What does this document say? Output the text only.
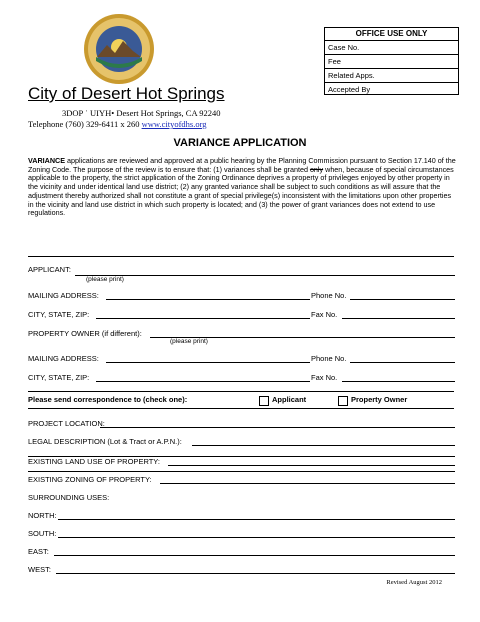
OFFICE USE ONLY
Case No.
Fee
Related Apps.
Accepted By
City of Desert Hot Springs
3DOP ˈ UIYH• Desert Hot Springs, CA 92240
Telephone (760) 329-6411 x 260 www.cityofdhs.org
VARIANCE APPLICATION
VARIANCE applications are reviewed and approved at a public hearing by the Planning Commission pursuant to Section 17.140 of the Zoning Code. The purpose of the review is to ensure that: (1) variances shall be granted only when, because of special circumstances applicable to the property, the strict application of the Zoning Ordinance deprives a property of privileges enjoyed by other property in the vicinity and under identical land use district; (2) any granted variance shall be subject to such conditions as will assure that the adjustment thereby authorized shall not constitute a grant of special privilege(s) inconsistent with the limitations upon other properties in the vicinity and land use district in which such property is located; and (3) the power of grant variances does not extend to use regulations.
APPLICANT:
(please print)
MAILING ADDRESS:	Phone No.
CITY, STATE, ZIP:	Fax No.
PROPERTY OWNER (if different):
(please print)
MAILING ADDRESS:	Phone No.
CITY, STATE, ZIP:	Fax No.
Please send correspondence to (check one):	Applicant	Property Owner
PROJECT LOCATION:
LEGAL DESCRIPTION (Lot & Tract or A.P.N.):
EXISTING LAND USE OF PROPERTY:
EXISTING ZONING OF PROPERTY:
SURROUNDING USES:
NORTH:
SOUTH:
EAST:
WEST:
Revised August 2012
